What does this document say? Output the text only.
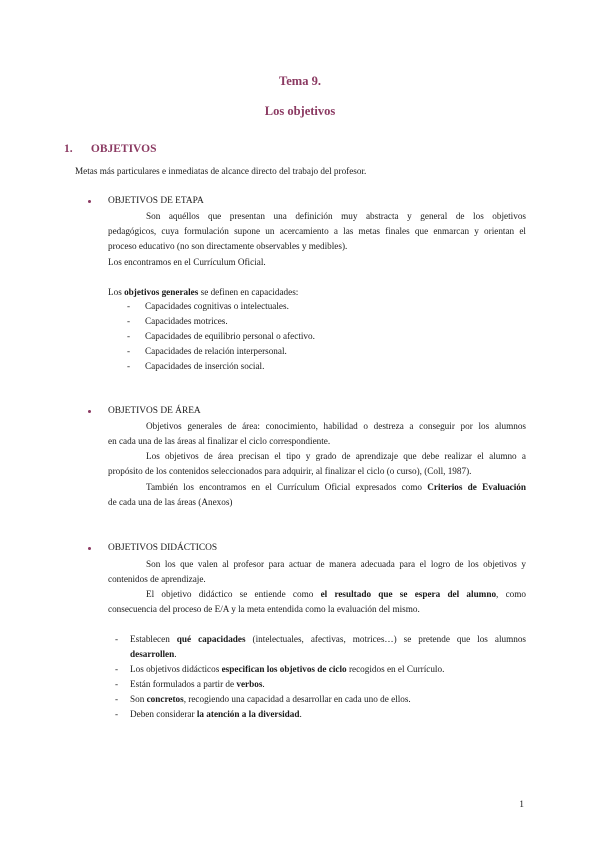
Tema 9.
Los objetivos
1. OBJETIVOS
Metas más particulares e inmediatas de alcance directo del trabajo del profesor.
OBJETIVOS DE ETAPA
Son aquéllos que presentan una definición muy abstracta y general de los objetivos
pedagógicos, cuya formulación supone un acercamiento a las metas finales que enmarcan y orientan el
proceso educativo (no son directamente observables y medibles).
Los encontramos en el Currículum Oficial.
Los objetivos generales se definen en capacidades:
- Capacidades cognitivas o intelectuales.
- Capacidades motrices.
- Capacidades de equilibrio personal o afectivo.
- Capacidades de relación interpersonal.
- Capacidades de inserción social.
OBJETIVOS DE ÁREA
Objetivos generales de área: conocimiento, habilidad o destreza a conseguir por los alumnos
en cada una de las áreas al finalizar el ciclo correspondiente.
Los objetivos de área precisan el tipo y grado de aprendizaje que debe realizar el alumno a
propósito de los contenidos seleccionados para adquirir, al finalizar el ciclo (o curso), (Coll, 1987).
También los encontramos en el Currículum Oficial expresados como Criterios de Evaluación
de cada una de las áreas (Anexos)
OBJETIVOS DIDÁCTICOS
Son los que valen al profesor para actuar de manera adecuada para el logro de los objetivos y
contenidos de aprendizaje.
El objetivo didáctico se entiende como el resultado que se espera del alumno, como
consecuencia del proceso de E/A y la meta entendida como la evaluación del mismo.
- Establecen qué capacidades (intelectuales, afectivas, motrices…) se pretende que los alumnos
desarrollen.
- Los objetivos didácticos especifican los objetivos de ciclo recogidos en el Currículo.
- Están formulados a partir de verbos.
- Son concretos, recogiendo una capacidad a desarrollar en cada uno de ellos.
- Deben considerar la atención a la diversidad.
1
